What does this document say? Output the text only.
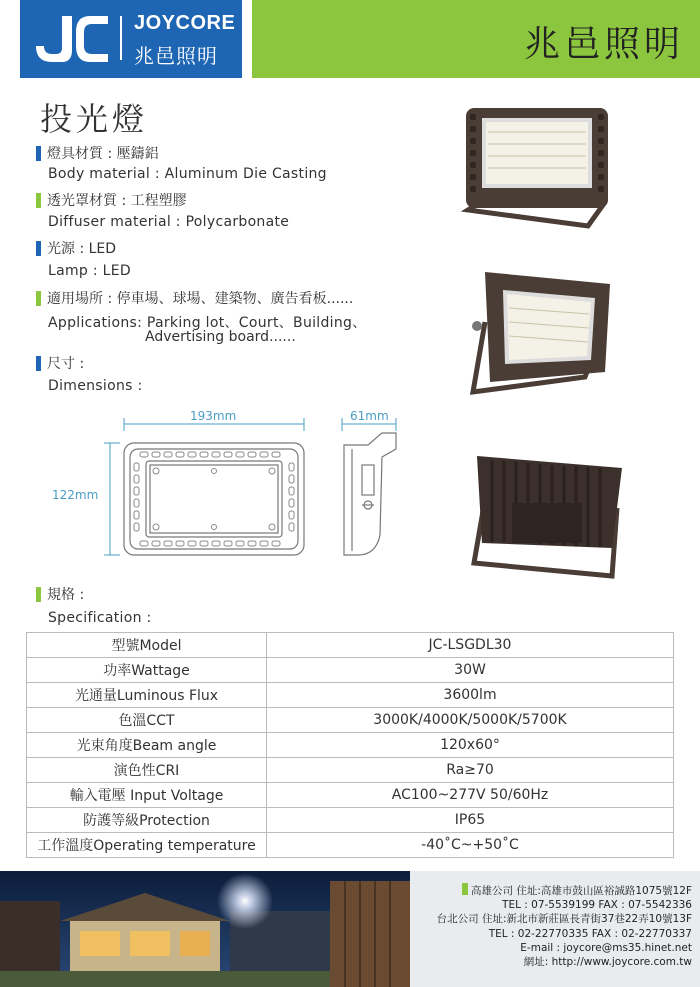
JOYCORE
兆邑照明	兆邑照明
投光燈
燈具材質 : 壓鑄鋁
Body material : Aluminum Die Casting
透光罩材質 : 工程塑膠
Diffuser material : Polycarbonate
光源 : LED
Lamp : LED
適用場所 : 停車場、球場、建築物、廣告看板......
Applications: Parking lot、Court、Building、
Advertising board......
尺寸 :
Dimensions :
193mm	61mm
122mm
規格 :
Specification :
型號Model	JC-LSGDL30
功率Wattage	30W
光通量Luminous Flux	3600lm
色溫CCT	3000K/4000K/5000K/5700K
光束角度Beam angle	120x60°
演色性CRI	Ra≥70
輸入電壓 Input Voltage	AC100~277V 50/60Hz
防護等級Protection	IP65
工作溫度Operating temperature	-40˚C~+50˚C
高雄公司 住址:高雄市鼓山區裕誠路1075號12F
TEL : 07-5539199 FAX : 07-5542336
台北公司 住址:新北市新莊區長青街37巷22弄10號13F
TEL : 02-22770335 FAX : 02-22770337
E-mail : joycore@ms35.hinet.net
網址: http://www.joycore.com.tw
